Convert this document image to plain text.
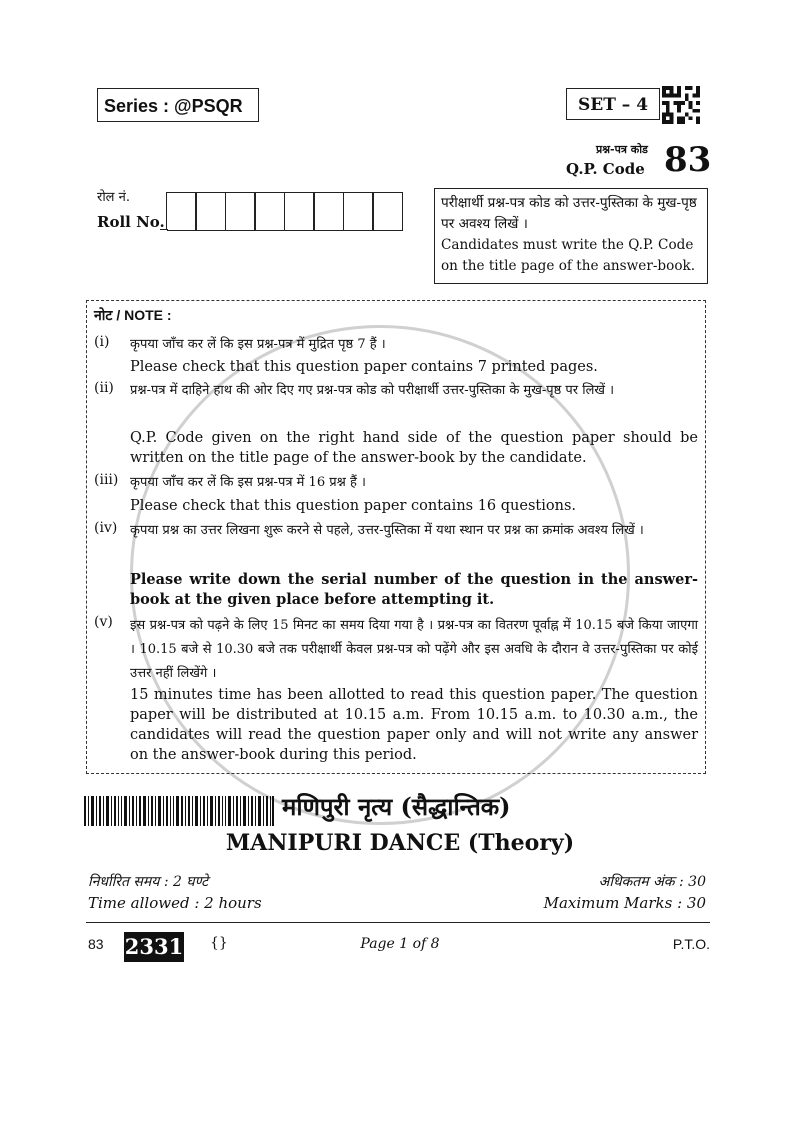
Series : @PSQR	SET – 4
प्रश्न-पत्र कोड
Q.P. Code 83
रोल नं.
Roll No.
परीक्षार्थी प्रश्न-पत्र कोड को उत्तर-पुस्तिका के मुख-पृष्ठ पर अवश्य लिखें ।
Candidates must write the Q.P. Code on the title page of the answer-book.
नोट / NOTE :
(i) कृपया जाँच कर लें कि इस प्रश्न-पत्र में मुद्रित पृष्ठ 7 हैं ।
Please check that this question paper contains 7 printed pages.
(ii) प्रश्न-पत्र में दाहिने हाथ की ओर दिए गए प्रश्न-पत्र कोड को परीक्षार्थी उत्तर-पुस्तिका के मुख-पृष्ठ पर लिखें ।
Q.P. Code given on the right hand side of the question paper should be written on the title page of the answer-book by the candidate.
(iii) कृपया जाँच कर लें कि इस प्रश्न-पत्र में 16 प्रश्न हैं ।
Please check that this question paper contains 16 questions.
(iv) कृपया प्रश्न का उत्तर लिखना शुरू करने से पहले, उत्तर-पुस्तिका में यथा स्थान पर प्रश्न का क्रमांक अवश्य लिखें ।
Please write down the serial number of the question in the answer-book at the given place before attempting it.
(v) इस प्रश्न-पत्र को पढ़ने के लिए 15 मिनट का समय दिया गया है । प्रश्न-पत्र का वितरण पूर्वाह्न में 10.15 बजे किया जाएगा । 10.15 बजे से 10.30 बजे तक परीक्षार्थी केवल प्रश्न-पत्र को पढ़ेंगे और इस अवधि के दौरान वे उत्तर-पुस्तिका पर कोई उत्तर नहीं लिखेंगे ।
15 minutes time has been allotted to read this question paper. The question paper will be distributed at 10.15 a.m. From 10.15 a.m. to 10.30 a.m., the candidates will read the question paper only and will not write any answer on the answer-book during this period.
मणिपुरी नृत्य (सैद्धान्तिक)
MANIPURI DANCE (Theory)
निर्धारित समय : 2 घण्टे
Time allowed : 2 hours
अधिकतम अंक : 30
Maximum Marks : 30
83 2331 {}	Page 1 of 8	P.T.O.
